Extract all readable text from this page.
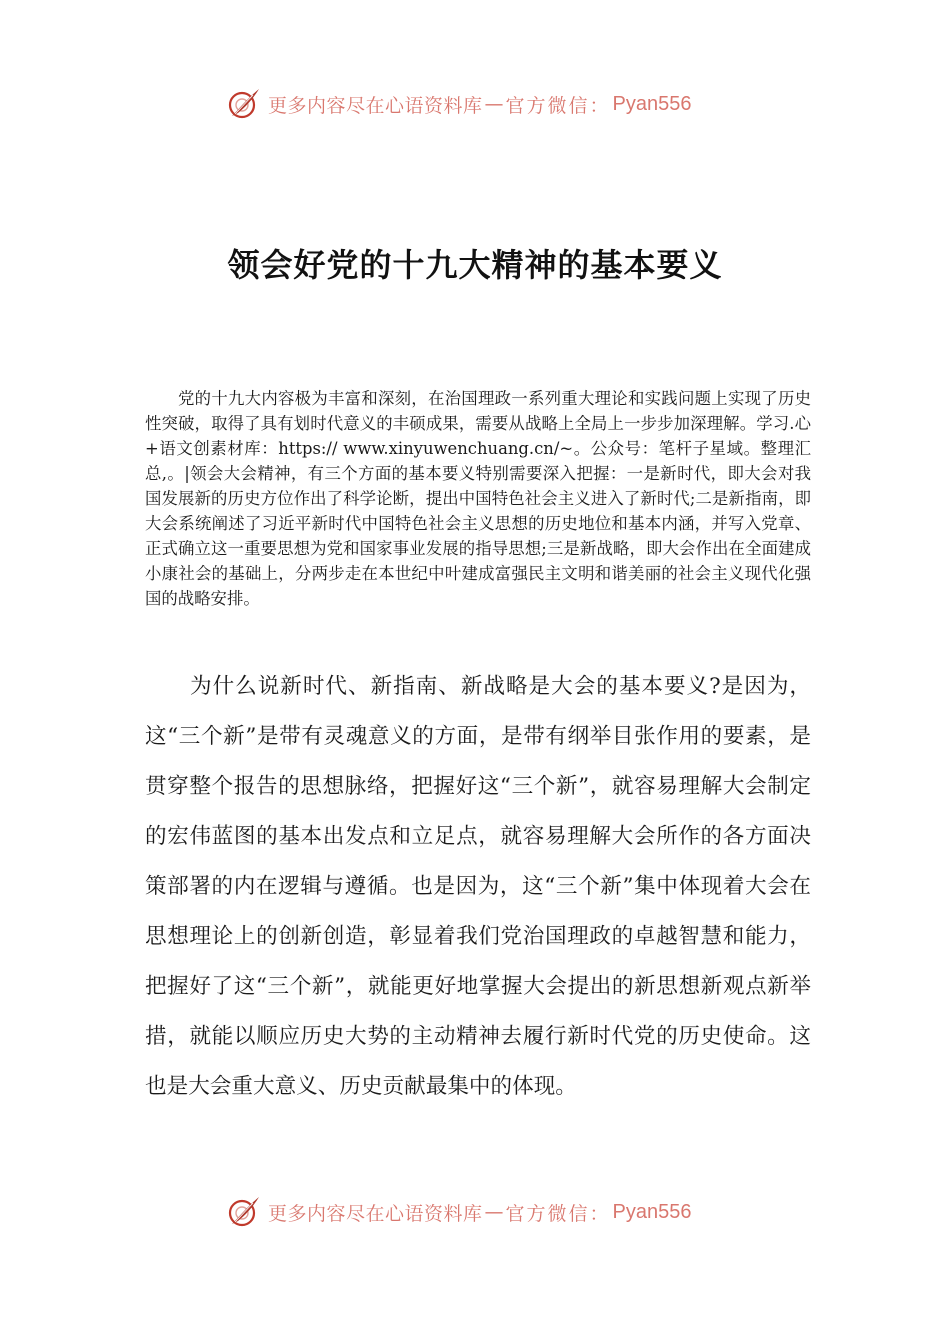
更多内容尽在心语资料库 — 官方微信： Pyan556
领会好党的十九大精神的基本要义

党的十九大内容极为丰富和深刻，在治国理政一系列重大理论和实践问题上实现了历史性突破，取得了具有划时代意义的丰硕成果，需要从战略上全局上一步步加深理解。学习.心+语文创素材库：https:// www.xinyuwenchuang.cn/~。公众号：笔杆子星域。整理汇总,。|领会大会精神，有三个方面的基本要义特别需要深入把握：一是新时代，即大会对我国发展新的历史方位作出了科学论断，提出中国特色社会主义进入了新时代;二是新指南，即大会系统阐述了习近平新时代中国特色社会主义思想的历史地位和基本内涵，并写入党章、正式确立这一重要思想为党和国家事业发展的指导思想;三是新战略，即大会作出在全面建成小康社会的基础上，分两步走在本世纪中叶建成富强民主文明和谐美丽的社会主义现代化强国的战略安排。

为什么说新时代、新指南、新战略是大会的基本要义?是因为，这“三个新”是带有灵魂意义的方面，是带有纲举目张作用的要素，是贯穿整个报告的思想脉络，把握好这“三个新”，就容易理解大会制定的宏伟蓝图的基本出发点和立足点，就容易理解大会所作的各方面决策部署的内在逻辑与遵循。也是因为，这“三个新”集中体现着大会在思想理论上的创新创造，彰显着我们党治国理政的卓越智慧和能力，把握好了这“三个新”，就能更好地掌握大会提出的新思想新观点新举措，就能以顺应历史大势的主动精神去履行新时代党的历史使命。这也是大会重大意义、历史贡献最集中的体现。

更多内容尽在心语资料库 — 官方微信： Pyan556
